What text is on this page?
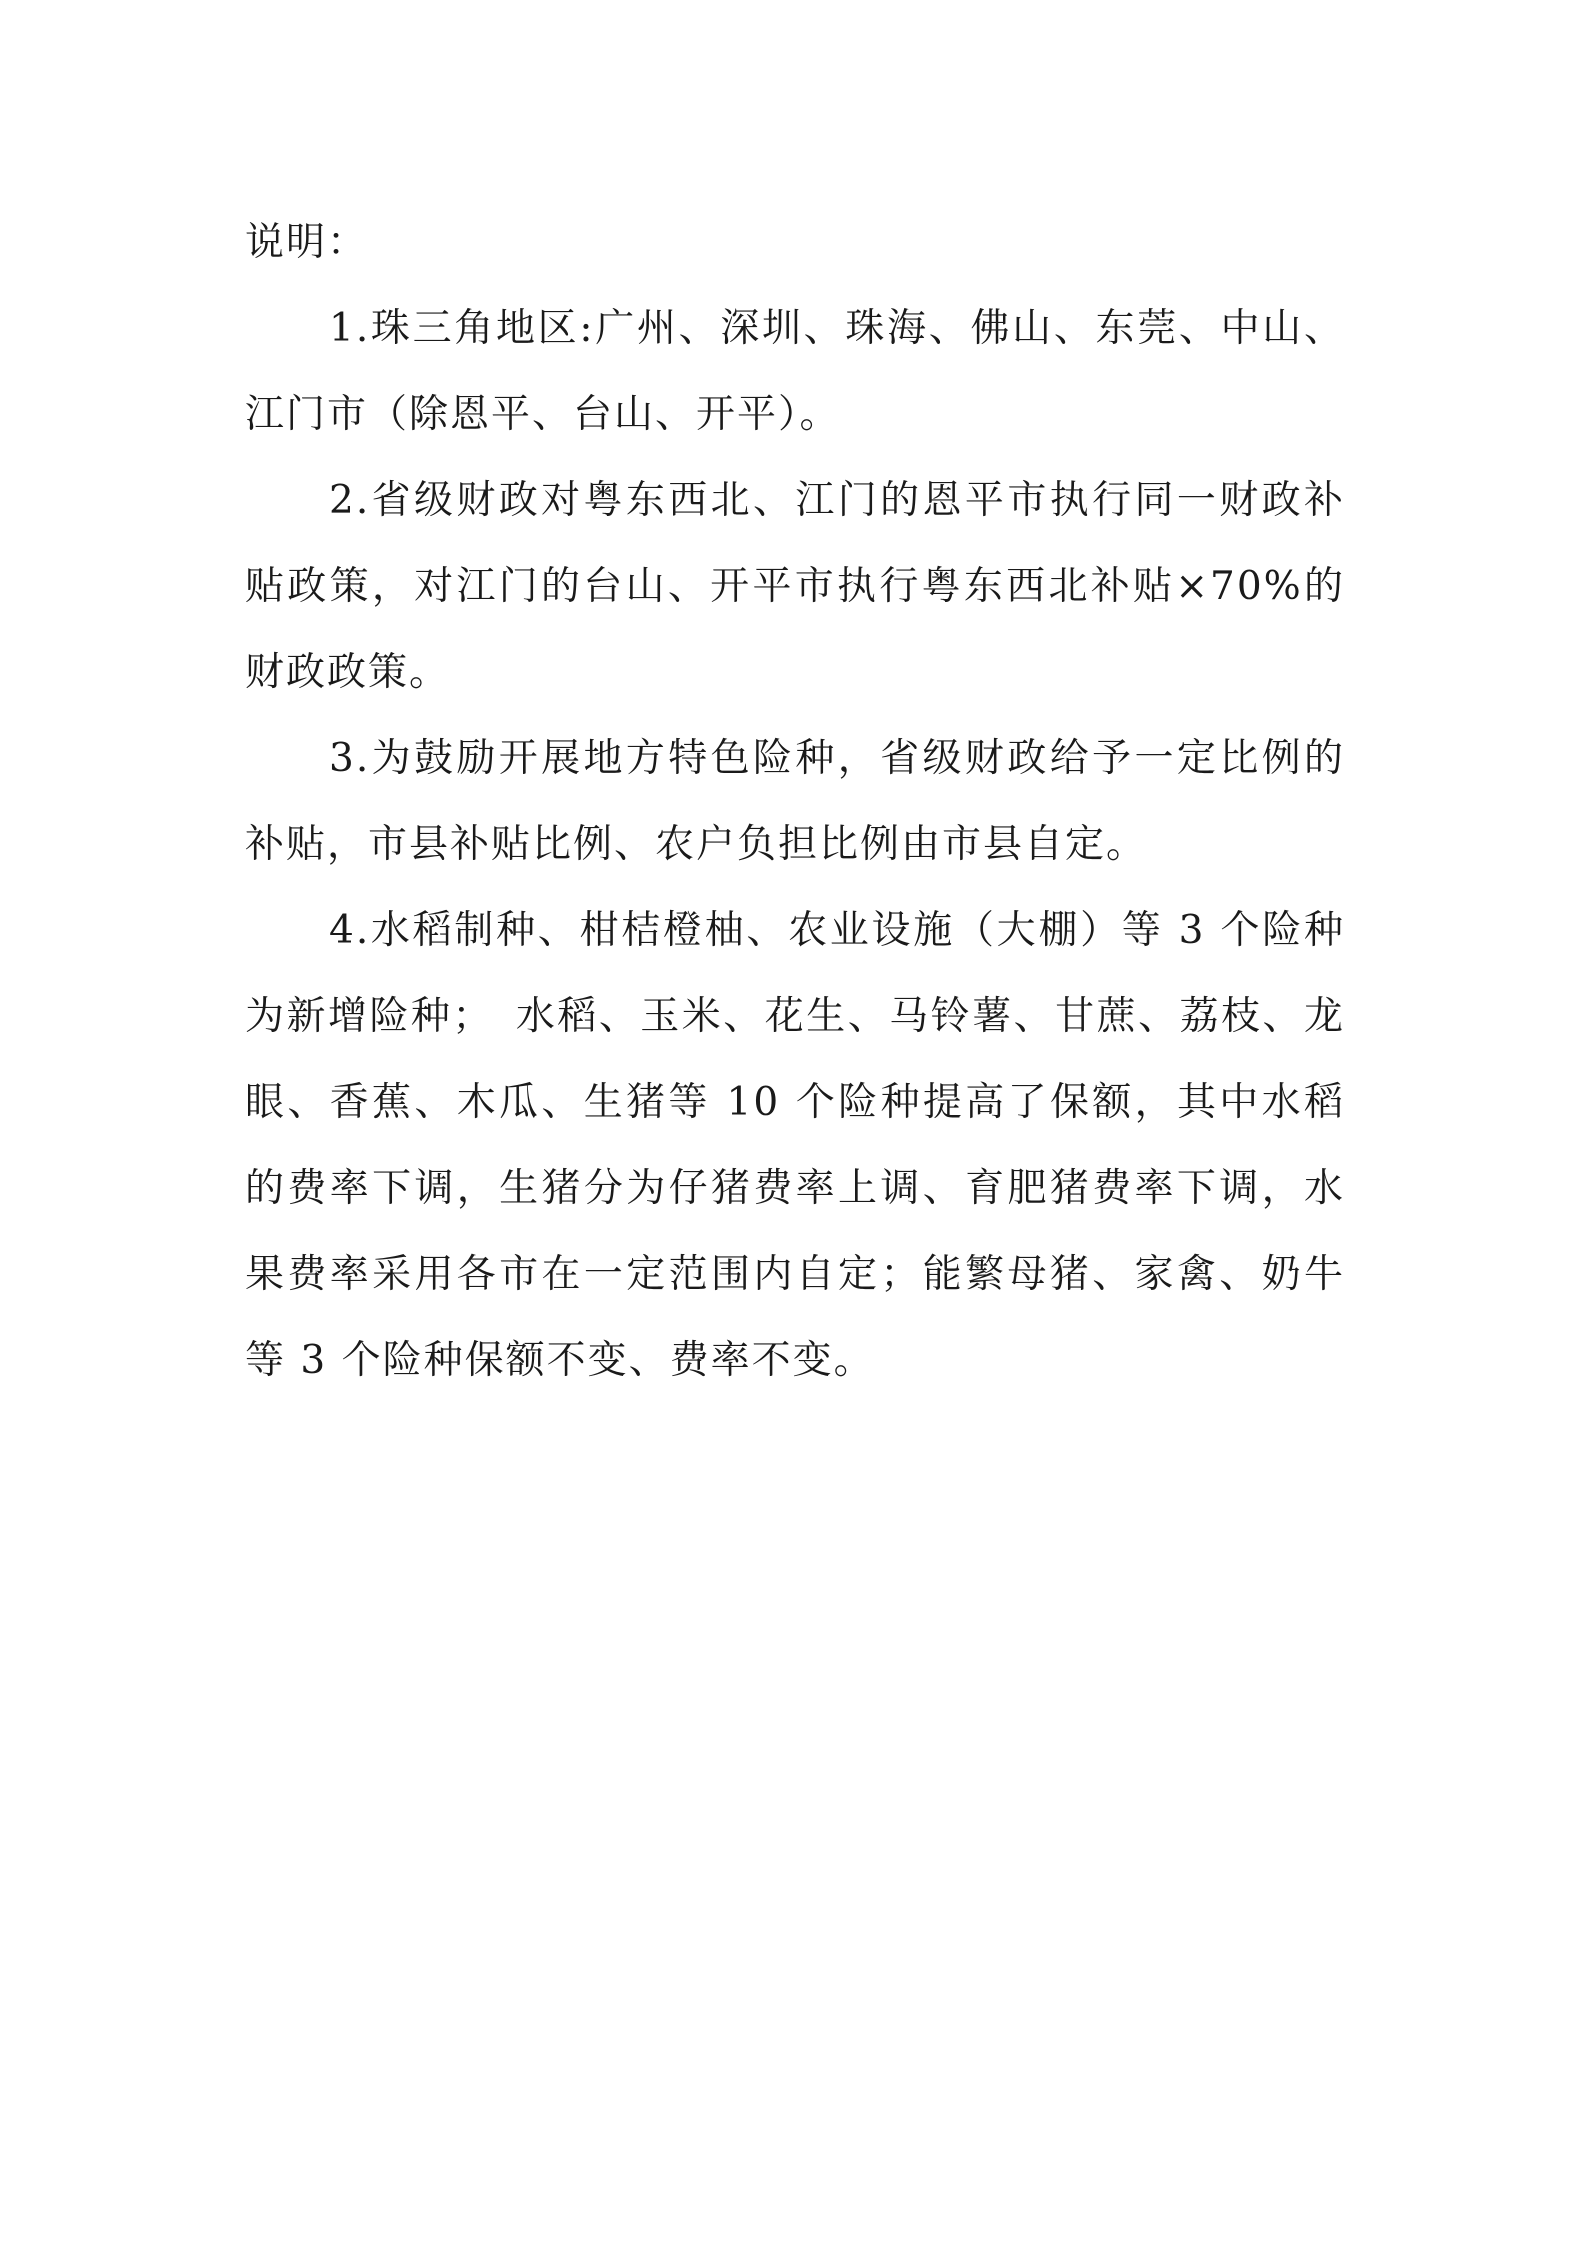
说明：

1.珠三角地区:广州、深圳、珠海、佛山、东莞、中山、江门市（除恩平、台山、开平）。

2.省级财政对粤东西北、江门的恩平市执行同一财政补贴政策，对江门的台山、开平市执行粤东西北补贴×70%的财政政策。

3.为鼓励开展地方特色险种，省级财政给予一定比例的补贴，市县补贴比例、农户负担比例由市县自定。

4.水稻制种、柑桔橙柚、农业设施（大棚）等 3 个险种为新增险种；　水稻、玉米、花生、马铃薯、甘蔗、荔枝、龙眼、香蕉、木瓜、生猪等 10 个险种提高了保额，其中水稻的费率下调，生猪分为仔猪费率上调、育肥猪费率下调，水果费率采用各市在一定范围内自定；能繁母猪、家禽、奶牛等 3 个险种保额不变、费率不变。
